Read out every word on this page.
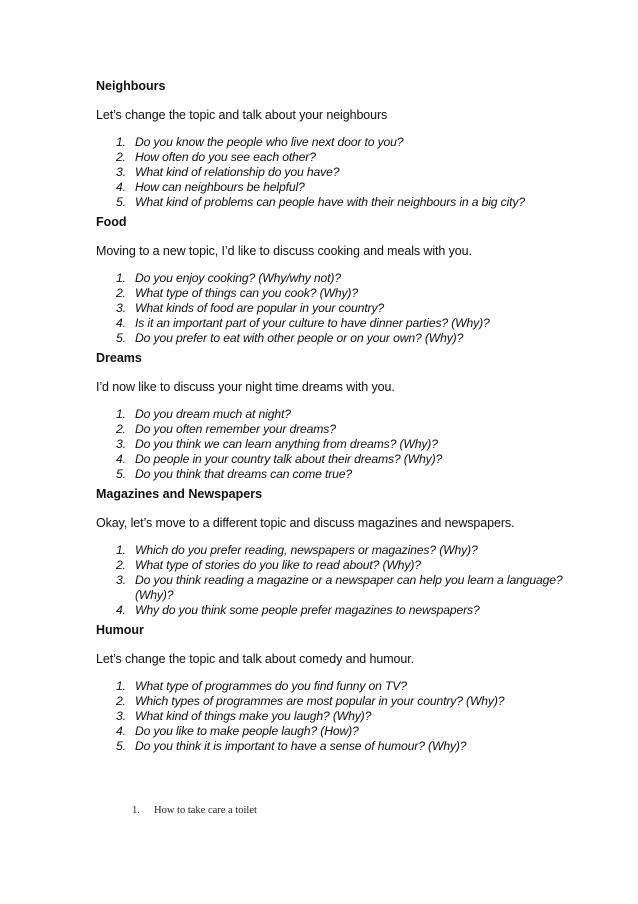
Neighbours

Let’s change the topic and talk about your neighbours

1. Do you know the people who live next door to you?
2. How often do you see each other?
3. What kind of relationship do you have?
4. How can neighbours be helpful?
5. What kind of problems can people have with their neighbours in a big city?

Food

Moving to a new topic, I’d like to discuss cooking and meals with you.

1. Do you enjoy cooking? (Why/why not)?
2. What type of things can you cook? (Why)?
3. What kinds of food are popular in your country?
4. Is it an important part of your culture to have dinner parties? (Why)?
5. Do you prefer to eat with other people or on your own? (Why)?

Dreams

I’d now like to discuss your night time dreams with you.

1. Do you dream much at night?
2. Do you often remember your dreams?
3. Do you think we can learn anything from dreams? (Why)?
4. Do people in your country talk about their dreams? (Why)?
5. Do you think that dreams can come true?

Magazines and Newspapers

Okay, let’s move to a different topic and discuss magazines and newspapers.

1. Which do you prefer reading, newspapers or magazines? (Why)?
2. What type of stories do you like to read about? (Why)?
3. Do you think reading a magazine or a newspaper can help you learn a language? (Why)?
4. Why do you think some people prefer magazines to newspapers?

Humour

Let’s change the topic and talk about comedy and humour.

1. What type of programmes do you find funny on TV?
2. Which types of programmes are most popular in your country? (Why)?
3. What kind of things make you laugh? (Why)?
4. Do you like to make people laugh? (How)?
5. Do you think it is important to have a sense of humour? (Why)?
1. How to take care a toilet
